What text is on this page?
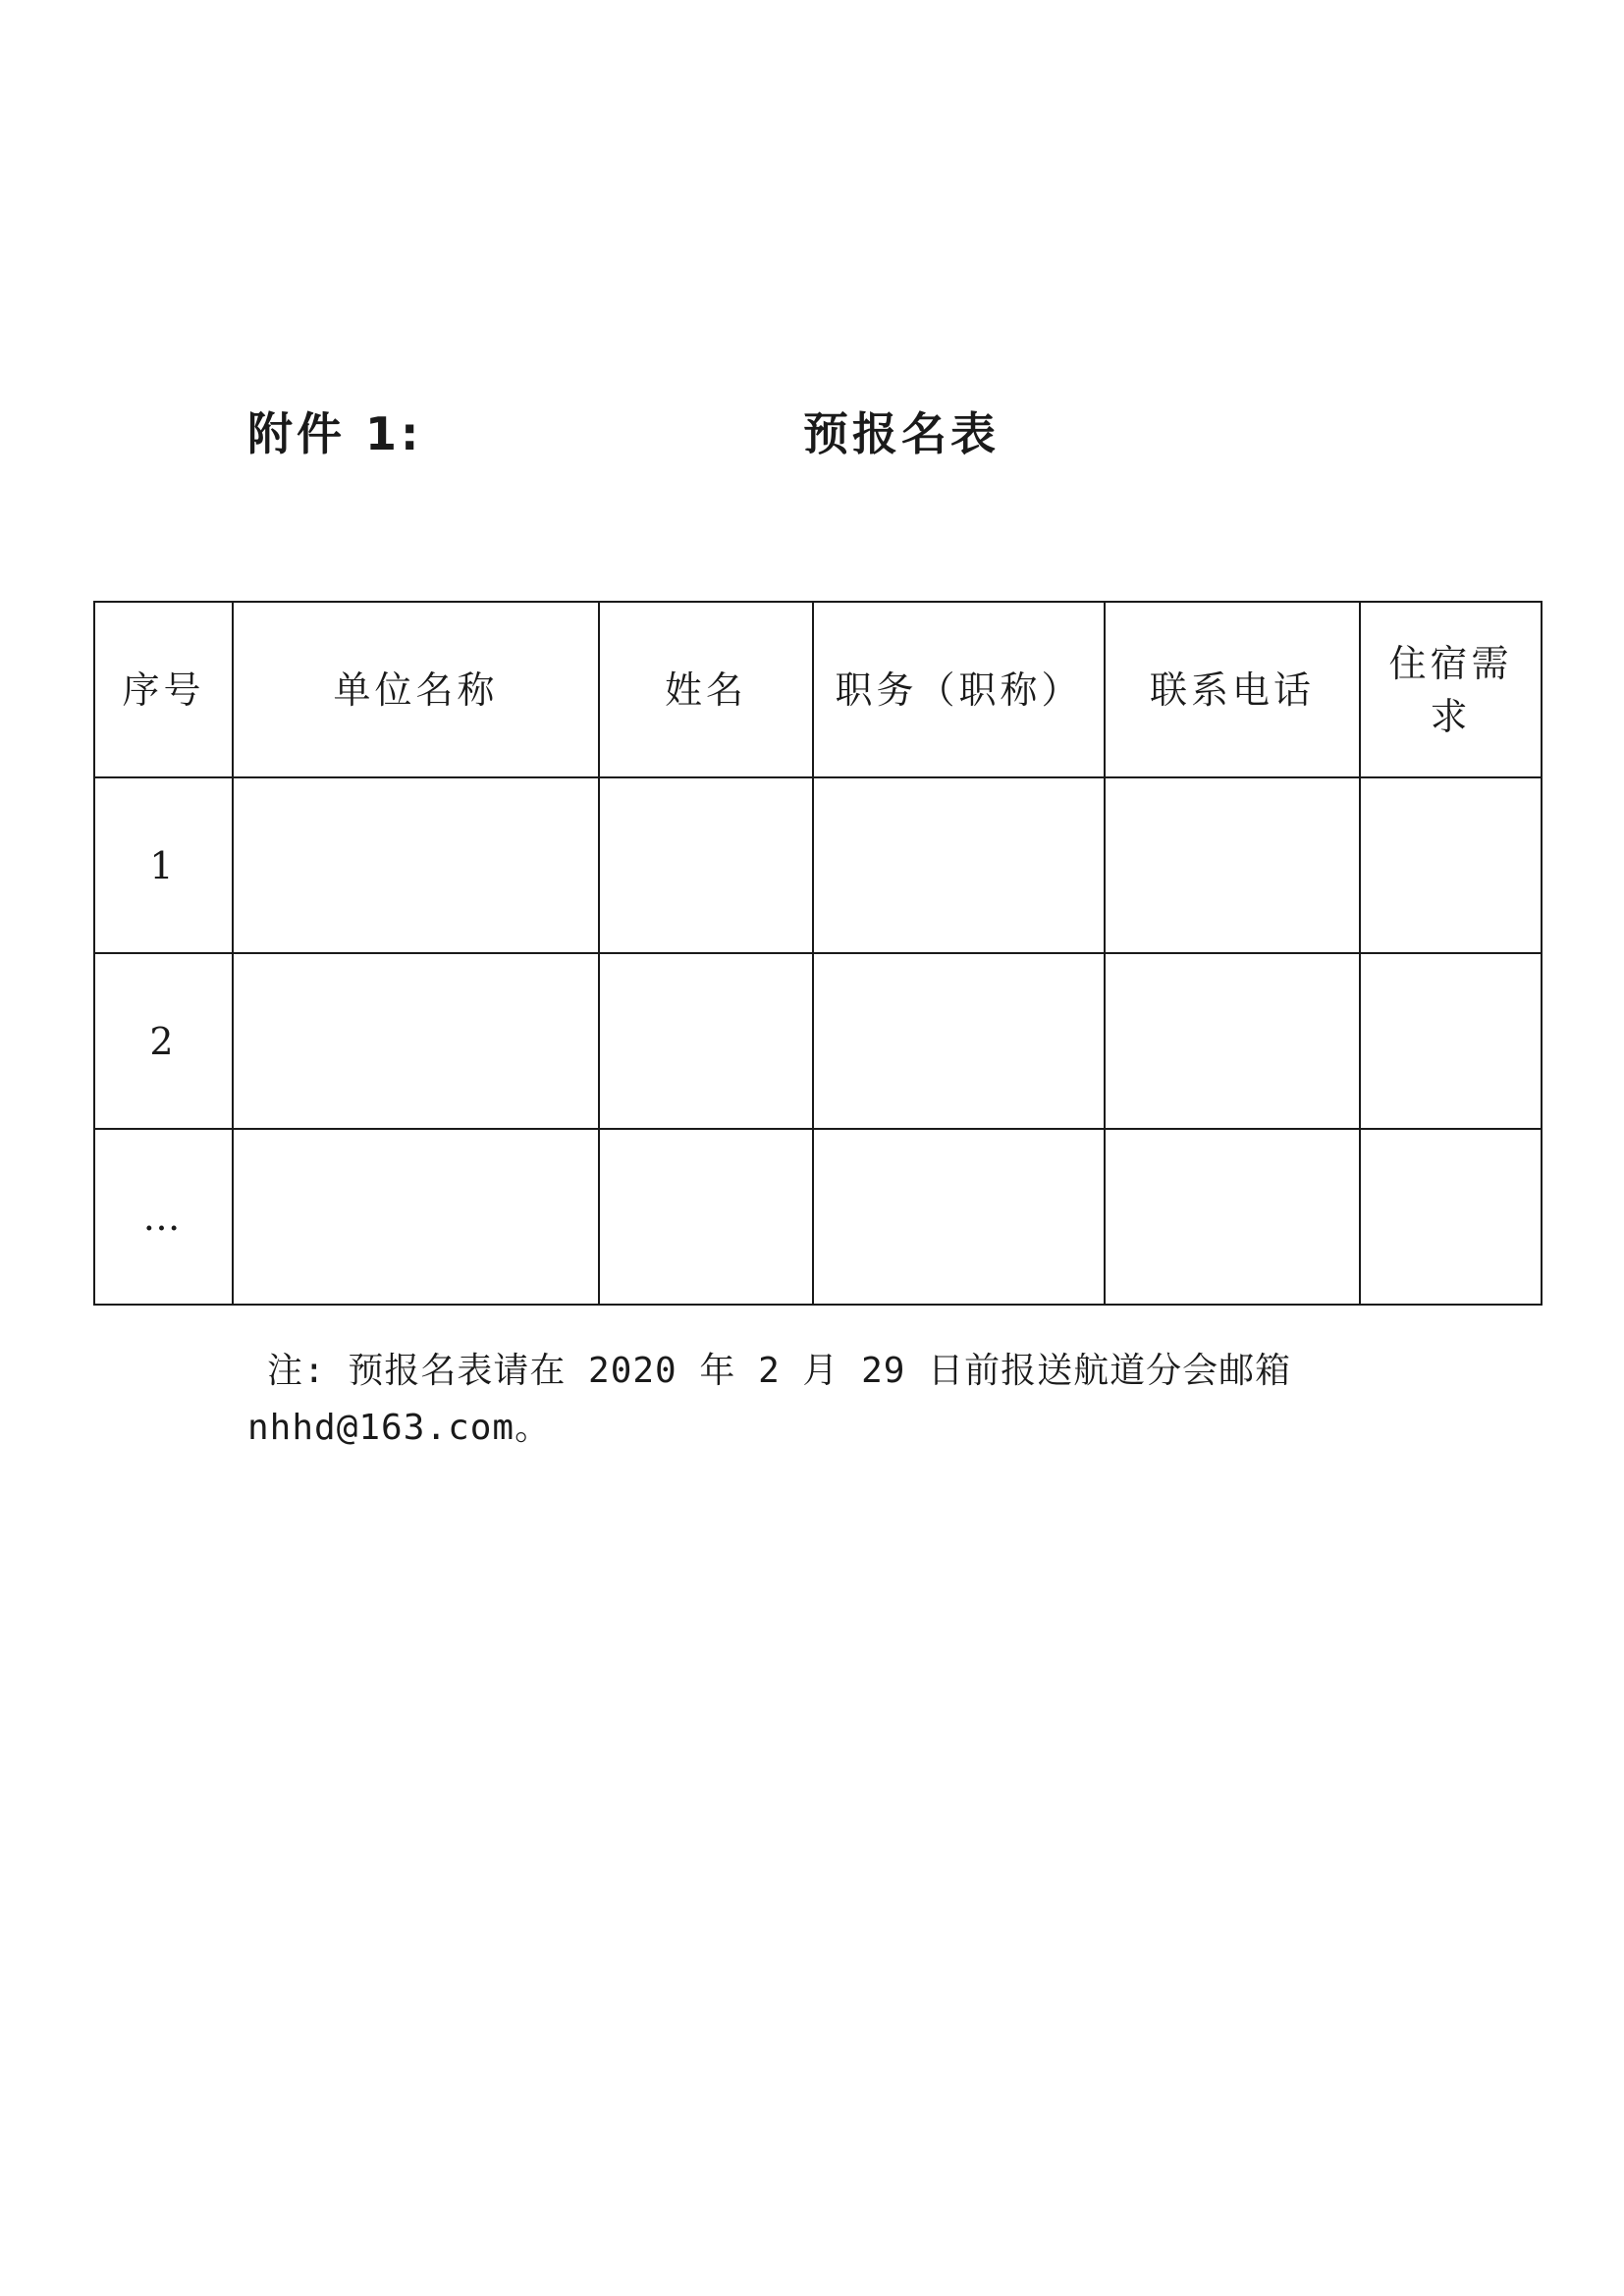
附件 1:	预报名表
序号	单位名称	姓名	职务（职称）	联系电话	住宿需
求
1					
2					
…					
注: 预报名表请在 2020 年 2 月 29 日前报送航道分会邮箱
nhhd@163.com。
